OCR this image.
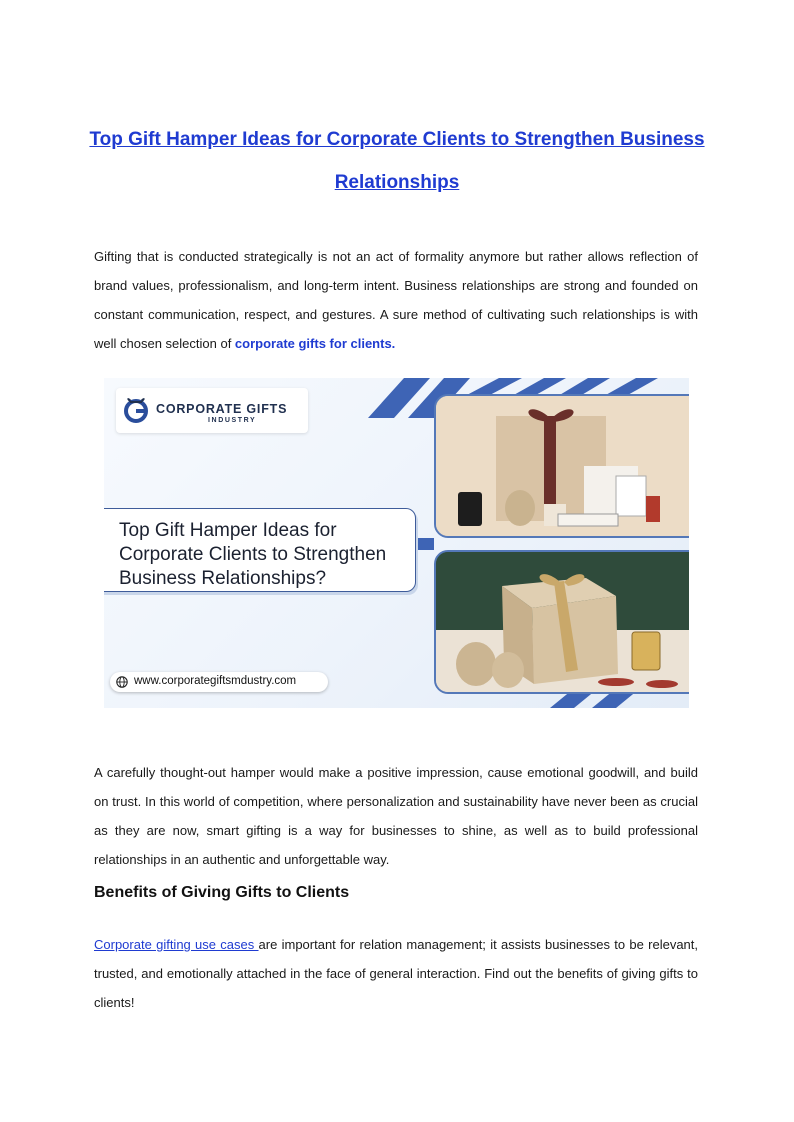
Top Gift Hamper Ideas for Corporate Clients to Strengthen Business Relationships

Gifting that is conducted strategically is not an act of formality anymore but rather allows reflection of brand values, professionalism, and long-term intent. Business relationships are strong and founded on constant communication, respect, and gestures. A sure method of cultivating such relationships is with well chosen selection of corporate gifts for clients.

CORPORATE GIFTS
INDUSTRY
Top Gift Hamper Ideas for Corporate Clients to Strengthen Business Relationships?
www.corporategiftsmdustry.com

A carefully thought-out hamper would make a positive impression, cause emotional goodwill, and build on trust. In this world of competition, where personalization and sustainability have never been as crucial as they are now, smart gifting is a way for businesses to shine, as well as to build professional relationships in an authentic and unforgettable way.

Benefits of Giving Gifts to Clients

Corporate gifting use cases are important for relation management; it assists businesses to be relevant, trusted, and emotionally attached in the face of general interaction. Find out the benefits of giving gifts to clients!
